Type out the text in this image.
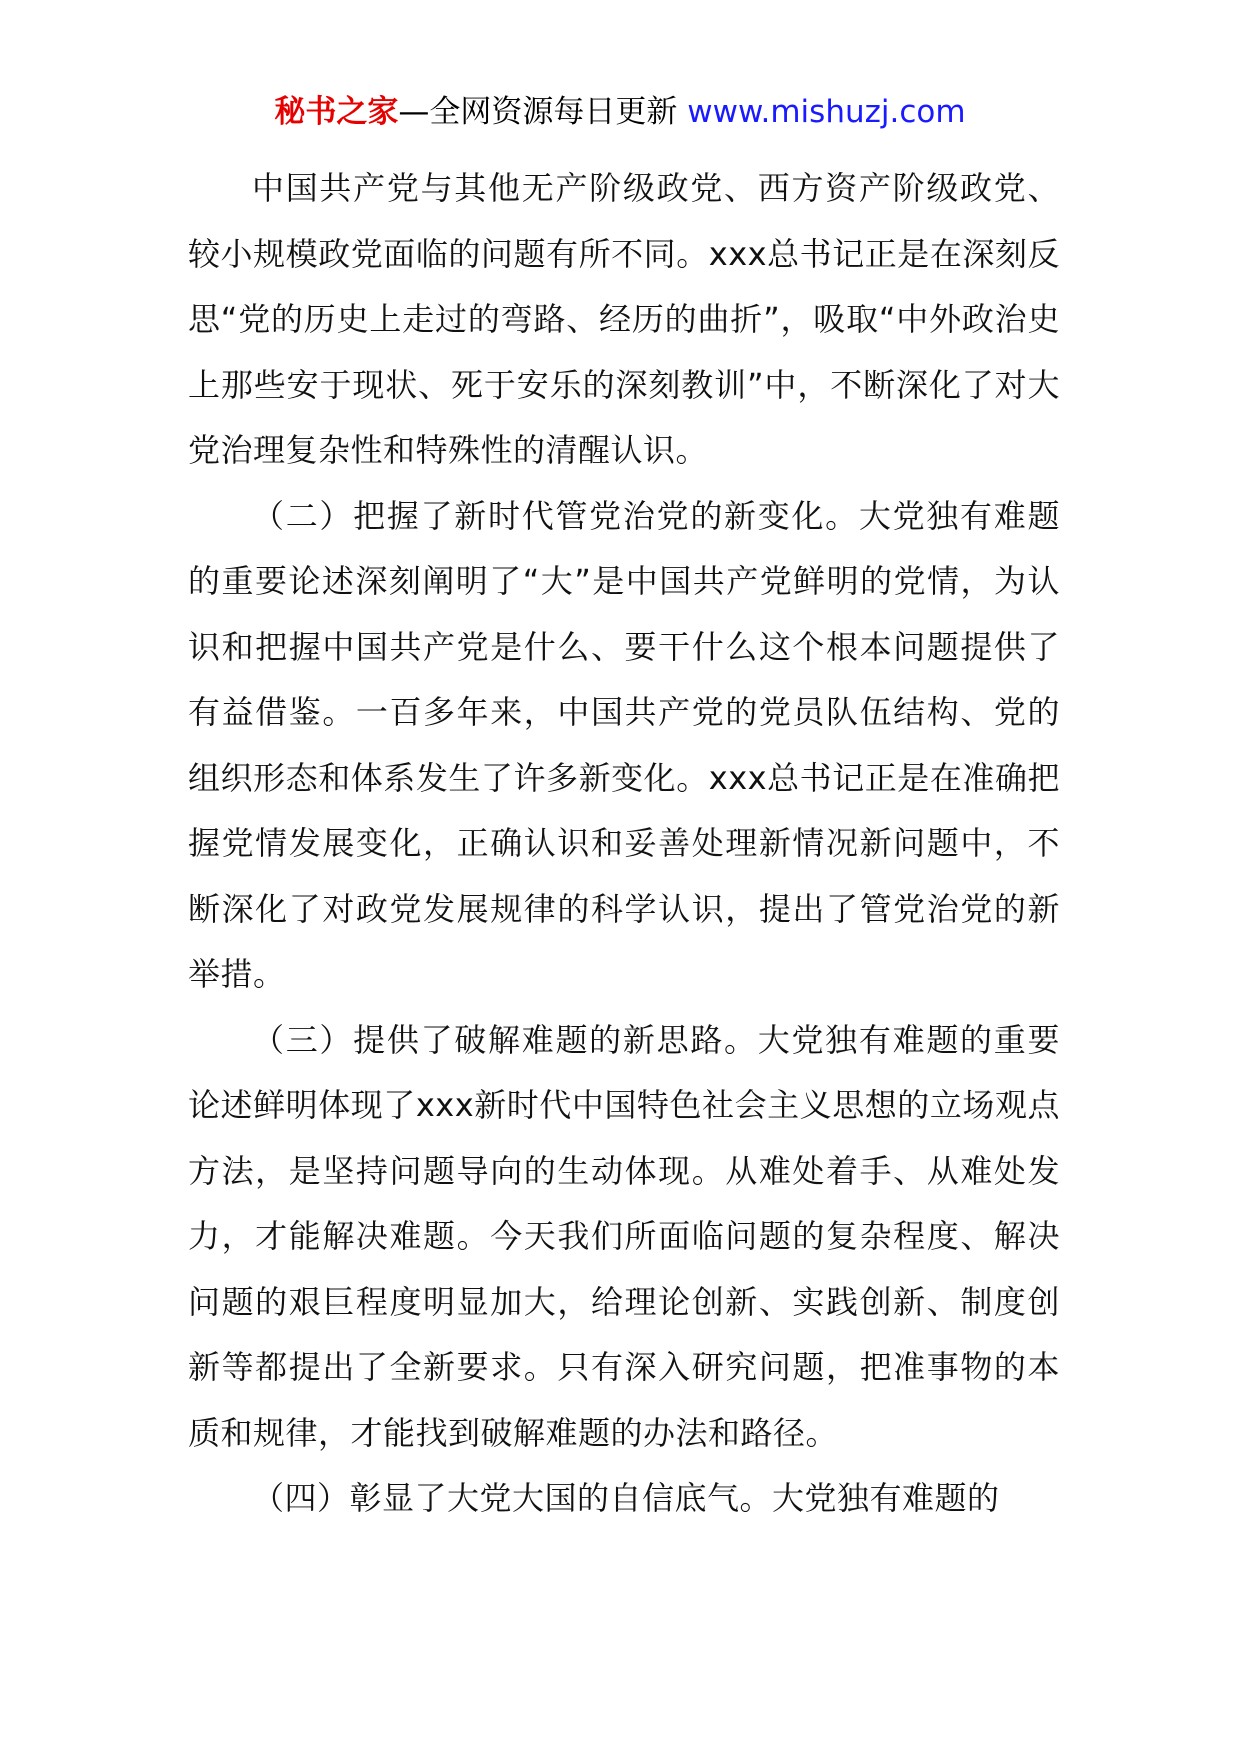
秘书之家—全网资源每日更新 www.mishuzj.com

中国共产党与其他无产阶级政党、西方资产阶级政党、较小规模政党面临的问题有所不同。xxx总书记正是在深刻反思“党的历史上走过的弯路、经历的曲折”，吸取“中外政治史上那些安于现状、死于安乐的深刻教训”中，不断深化了对大党治理复杂性和特殊性的清醒认识。

（二）把握了新时代管党治党的新变化。大党独有难题的重要论述深刻阐明了“大”是中国共产党鲜明的党情，为认识和把握中国共产党是什么、要干什么这个根本问题提供了有益借鉴。一百多年来，中国共产党的党员队伍结构、党的组织形态和体系发生了许多新变化。xxx总书记正是在准确把握党情发展变化，正确认识和妥善处理新情况新问题中，不断深化了对政党发展规律的科学认识，提出了管党治党的新举措。

（三）提供了破解难题的新思路。大党独有难题的重要论述鲜明体现了xxx新时代中国特色社会主义思想的立场观点方法，是坚持问题导向的生动体现。从难处着手、从难处发力，才能解决难题。今天我们所面临问题的复杂程度、解决问题的艰巨程度明显加大，给理论创新、实践创新、制度创新等都提出了全新要求。只有深入研究问题，把准事物的本质和规律，才能找到破解难题的办法和路径。

（四）彰显了大党大国的自信底气。大党独有难题的
